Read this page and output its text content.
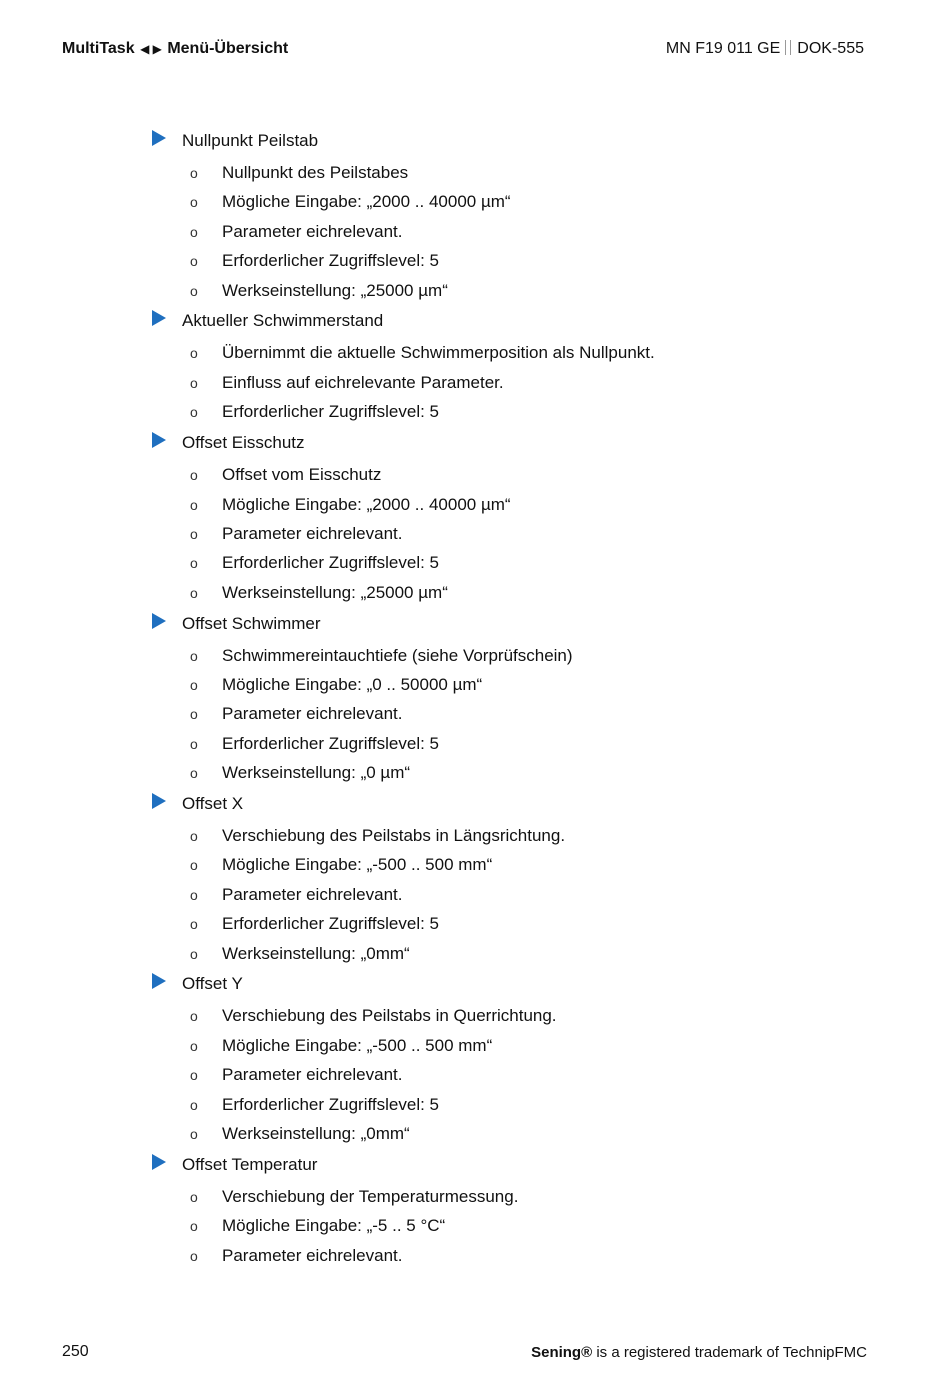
MultiTask ◀ ▶ Menü-Übersicht	MN F19 011 GE DOK-555
Nullpunkt Peilstab
o Nullpunkt des Peilstabes
o Mögliche Eingabe: „2000 .. 40000 µm“
o Parameter eichrelevant.
o Erforderlicher Zugriffslevel: 5
o Werkseinstellung: „25000 µm“
Aktueller Schwimmerstand
o Übernimmt die aktuelle Schwimmerposition als Nullpunkt.
o Einfluss auf eichrelevante Parameter.
o Erforderlicher Zugriffslevel: 5
Offset Eisschutz
o Offset vom Eisschutz
o Mögliche Eingabe: „2000 .. 40000 µm“
o Parameter eichrelevant.
o Erforderlicher Zugriffslevel: 5
o Werkseinstellung: „25000 µm“
Offset Schwimmer
o Schwimmereintauchtiefe (siehe Vorprüfschein)
o Mögliche Eingabe: „0 .. 50000 µm“
o Parameter eichrelevant.
o Erforderlicher Zugriffslevel: 5
o Werkseinstellung: „0 µm“
Offset X
o Verschiebung des Peilstabs in Längsrichtung.
o Mögliche Eingabe: „-500 .. 500 mm“
o Parameter eichrelevant.
o Erforderlicher Zugriffslevel: 5
o Werkseinstellung: „0mm“
Offset Y
o Verschiebung des Peilstabs in Querrichtung.
o Mögliche Eingabe: „-500 .. 500 mm“
o Parameter eichrelevant.
o Erforderlicher Zugriffslevel: 5
o Werkseinstellung: „0mm“
Offset Temperatur
o Verschiebung der Temperaturmessung.
o Mögliche Eingabe: „-5 .. 5 °C“
o Parameter eichrelevant.
250	Sening® is a registered trademark of TechnipFMC
